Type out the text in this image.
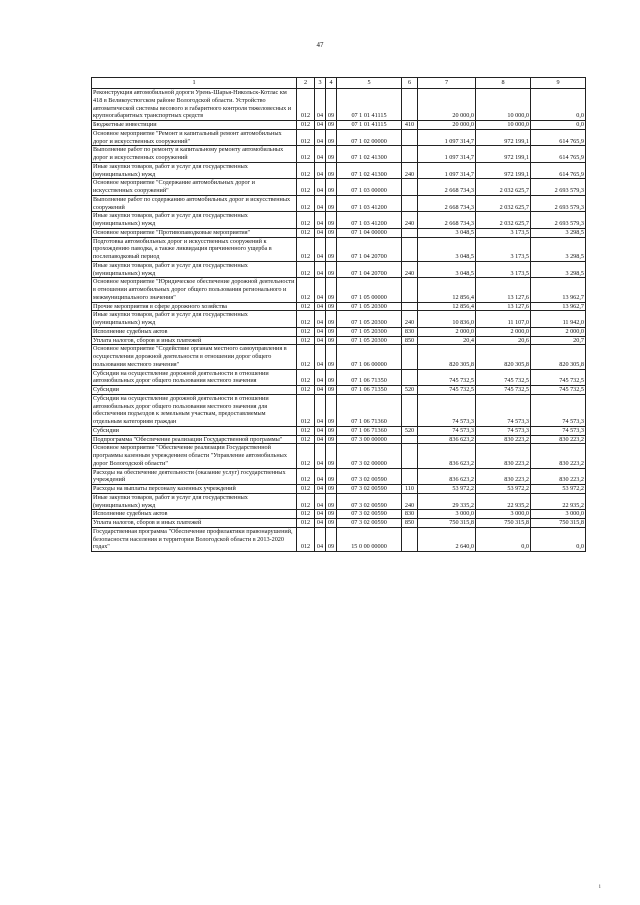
47
1	2	3	4	5	6	7	8	9
Реконструкция автомобильной дороги Урень-Шарья-Никольск-Котлас км 418 в Великоустюгском районе Вологодской области. Устройство автоматической системы весового и габаритного контроля тяжеловесных и крупногабаритных транспортных средств	012	04	09	07 1 01 41115		20 000,0	10 000,0	0,0
Бюджетные инвестиции	012	04	09	07 1 01 41115	410	20 000,0	10 000,0	0,0
Основное мероприятие "Ремонт и капитальный ремонт автомобильных дорог и искусственных сооружений"	012	04	09	07 1 02 00000		1 097 314,7	972 199,1	614 765,9
Выполнение работ по ремонту и капитальному ремонту автомобильных дорог и искусственных сооружений	012	04	09	07 1 02 41300		1 097 314,7	972 199,1	614 765,9
Иные закупки товаров, работ и услуг для государственных (муниципальных) нужд	012	04	09	07 1 02 41300	240	1 097 314,7	972 199,1	614 765,9
Основное мероприятие "Содержание автомобильных дорог и искусственных сооружений"	012	04	09	07 1 03 00000		2 668 734,3	2 032 625,7	2 693 579,3
Выполнение работ по содержанию автомобильных дорог и искусственных сооружений	012	04	09	07 1 03 41200		2 668 734,3	2 032 625,7	2 693 579,3
Иные закупки товаров, работ и услуг для государственных (муниципальных) нужд	012	04	09	07 1 03 41200	240	2 668 734,3	2 032 625,7	2 693 579,3
Основное мероприятие "Противопаводковые мероприятия"	012	04	09	07 1 04 00000		3 048,5	3 173,5	3 298,5
Подготовка автомобильных дорог и искусственных сооружений к прохождению паводка, а также ликвидация причиненного ущерба в послепаводковый период	012	04	09	07 1 04 20700		3 048,5	3 173,5	3 298,5
Иные закупки товаров, работ и услуг для государственных (муниципальных) нужд	012	04	09	07 1 04 20700	240	3 048,5	3 173,5	3 298,5
Основное мероприятие "Юридическое обеспечение дорожной деятельности в отношении автомобильных дорог общего пользования регионального и межмуниципального значения"	012	04	09	07 1 05 00000		12 856,4	13 127,6	13 962,7
Прочие мероприятия в сфере дорожного хозяйства	012	04	09	07 1 05 20300		12 856,4	13 127,6	13 962,7
Иные закупки товаров, работ и услуг для государственных (муниципальных) нужд	012	04	09	07 1 05 20300	240	10 836,0	11 107,0	11 942,0
Исполнение судебных актов	012	04	09	07 1 05 20300	830	2 000,0	2 000,0	2 000,0
Уплата налогов, сборов и иных платежей	012	04	09	07 1 05 20300	850	20,4	20,6	20,7
Основное мероприятие "Содействие органам местного самоуправления в осуществлении дорожной деятельности в отношении дорог общего пользования местного значения"	012	04	09	07 1 06 00000		820 305,8	820 305,8	820 305,8
Субсидии на осуществление дорожной деятельности в отношении автомобильных дорог общего пользования местного значения	012	04	09	07 1 06 71350		745 732,5	745 732,5	745 732,5
Субсидии	012	04	09	07 1 06 71350	520	745 732,5	745 732,5	745 732,5
Субсидии на осуществление дорожной деятельности в отношении автомобильных дорог общего пользования местного значения для обеспечения подъездов к земельным участкам, предоставляемым отдельным категориям граждан	012	04	09	07 1 06 71360		74 573,3	74 573,3	74 573,3
Субсидии	012	04	09	07 1 06 71360	520	74 573,3	74 573,3	74 573,3
Подпрограмма "Обеспечение реализации Государственной программы"	012	04	09	07 3 00 00000		836 623,2	830 223,2	830 223,2
Основное мероприятие "Обеспечение реализации Государственной программы казенным учреждением области "Управление автомобильных дорог Вологодской области"	012	04	09	07 3 02 00000		836 623,2	830 223,2	830 223,2
Расходы на обеспечение деятельности (оказание услуг) государственных учреждений	012	04	09	07 3 02 00590		836 623,2	830 223,2	830 223,2
Расходы на выплаты персоналу казенных учреждений	012	04	09	07 3 02 00590	110	53 972,2	53 972,2	53 972,2
Иные закупки товаров, работ и услуг для государственных (муниципальных) нужд	012	04	09	07 3 02 00590	240	29 335,2	22 935,2	22 935,2
Исполнение судебных актов	012	04	09	07 3 02 00590	830	3 000,0	3 000,0	3 000,0
Уплата налогов, сборов и иных платежей	012	04	09	07 3 02 00590	850	750 315,8	750 315,8	750 315,8
Государственная программа "Обеспечение профилактики правонарушений, безопасности населения и территории Вологодской области в 2013-2020 годах"	012	04	09	15 0 00 00000		2 640,0	0,0	0,0
i
